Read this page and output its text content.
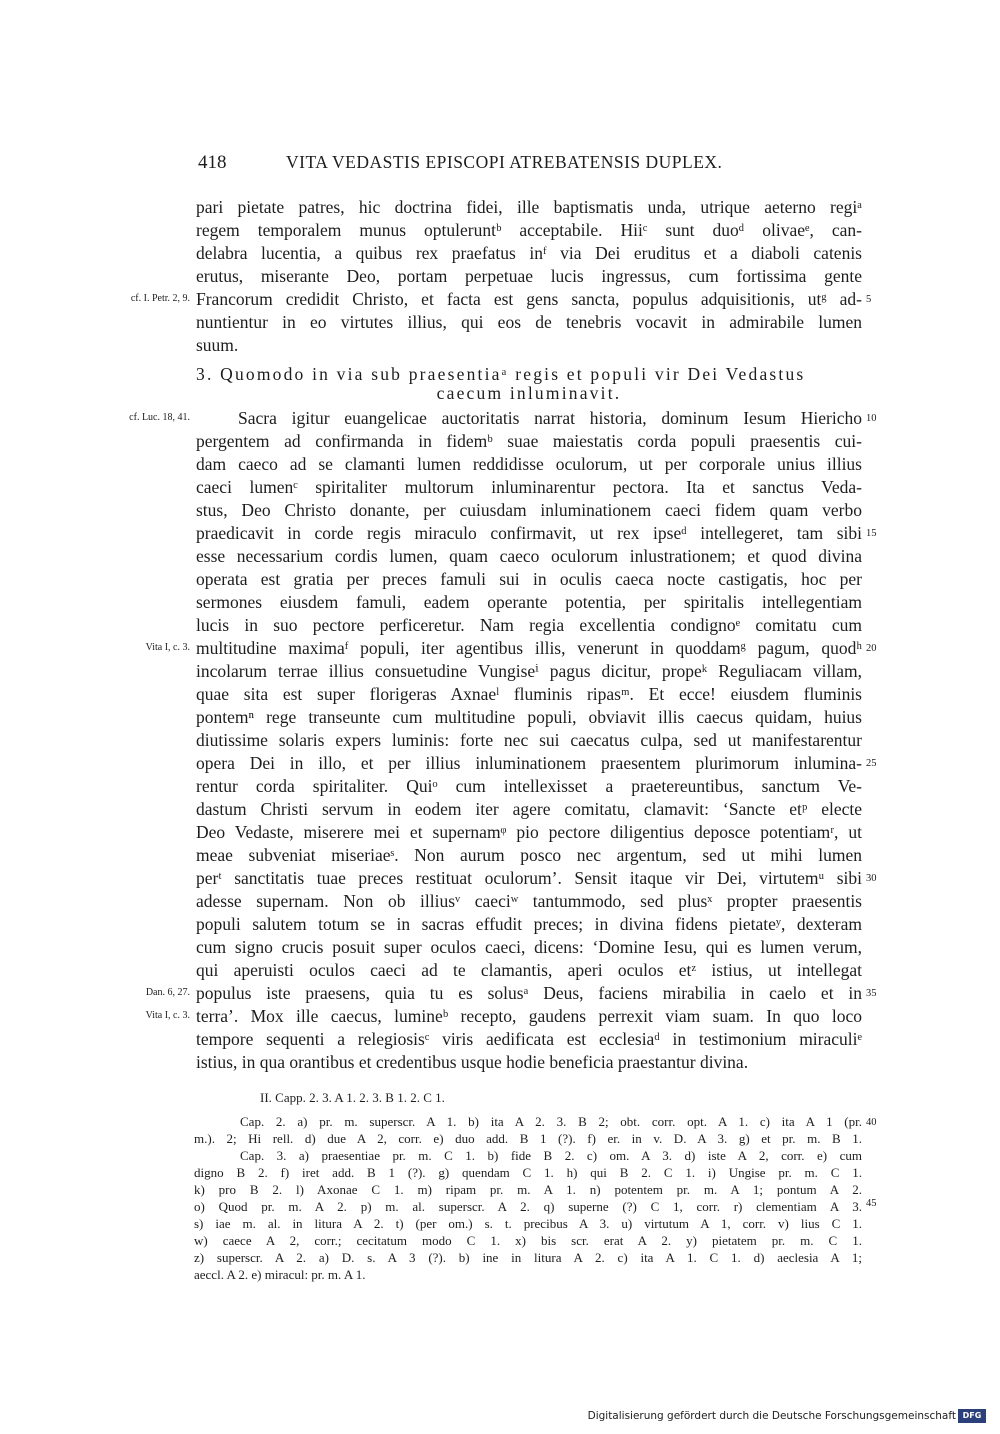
418	VITA VEDASTIS EPISCOPI ATREBATENSIS DUPLEX.
pari pietate patres, hic doctrina fidei, ille baptismatis unda, utrique aeterno regiᵃ
regem temporalem munus optuleruntᵇ acceptabile. Hiiᶜ sunt duoᵈ olivaeᵉ, can-
delabra lucentia, a quibus rex praefatus inᶠ via Dei eruditus et a diaboli catenis
erutus, miserante Deo, portam perpetuae lucis ingressus, cum fortissima gente
Francorum credidit Christo, et facta est gens sancta, populus adquisitionis, utᵍ ad-
nuntientur in eo virtutes illius, qui eos de tenebris vocavit in admirabile lumen
suum.
3. Quomodo in via sub praesentiaᵃ regis et populi vir Dei Vedastus
caecum inluminavit.
Sacra igitur euangelicae auctoritatis narrat historia, dominum Iesum Hiericho
pergentem ad confirmanda in fidemᵇ suae maiestatis corda populi praesentis cui-
dam caeco ad se clamanti lumen reddidisse oculorum, ut per corporale unius illius
caeci lumenᶜ spiritaliter multorum inluminarentur pectora. Ita et sanctus Veda-
stus, Deo Christo donante, per cuiusdam inluminationem caeci fidem quam verbo
praedicavit in corde regis miraculo confirmavit, ut rex ipseᵈ intellegeret, tam sibi
esse necessarium cordis lumen, quam caeco oculorum inlustrationem; et quod divina
operata est gratia per preces famuli sui in oculis caeca nocte castigatis, hoc per
sermones eiusdem famuli, eadem operante potentia, per spiritalis intellegentiam
lucis in suo pectore perficeretur. Nam regia excellentia condignoᵉ comitatu cum
multitudine maximaᶠ populi, iter agentibus illis, venerunt in quoddamᵍ pagum, quodʰ
incolarum terrae illius consuetudine Vungiseⁱ pagus dicitur, propeᵏ Reguliacam villam,
quae sita est super florigeras Axnaeˡ fluminis ripasᵐ. Et ecce! eiusdem fluminis
pontemⁿ rege transeunte cum multitudine populi, obviavit illis caecus quidam, huius
diutissime solaris expers luminis: forte nec sui caecatus culpa, sed ut manifestarentur
opera Dei in illo, et per illius inluminationem praesentem plurimorum inlumina-
rentur corda spiritaliter. Quiᵒ cum intellexisset a praetereuntibus, sanctum Ve-
dastum Christi servum in eodem iter agere comitatu, clamavit: ‘Sancte etᵖ electe
Deo Vedaste, miserere mei et supernamᵠ pio pectore diligentius deposce potentiamʳ, ut
meae subveniat miseriaeˢ. Non aurum posco nec argentum, sed ut mihi lumen
perᵗ sanctitatis tuae preces restituat oculorum’. Sensit itaque vir Dei, virtutemᵘ sibi
adesse supernam. Non ob illiusᵛ caeciʷ tantummodo, sed plusˣ propter praesentis
populi salutem totum se in sacras effudit preces; in divina fidens pietateʸ, dexteram
cum signo crucis posuit super oculos caeci, dicens: ‘Domine Iesu, qui es lumen verum,
qui aperuisti oculos caeci ad te clamantis, aperi oculos etᶻ istius, ut intellegat
populus iste praesens, quia tu es solusᵃ Deus, faciens mirabilia in caelo et in
terra’. Mox ille caecus, lumineᵇ recepto, gaudens perrexit viam suam. In quo loco
tempore sequenti a relegiosisᶜ viris aedificata est ecclesiaᵈ in testimonium miraculiᵉ
istius, in qua orantibus et credentibus usque hodie beneficia praestantur divina.
5
10
15
20
25
30
35
40
45
cf. I. Petr. 2, 9.
cf. Luc. 18, 41.
Vita I, c. 3.
Dan. 6, 27.
Vita I, c. 3.
II. Capp. 2. 3. A 1. 2. 3. B 1. 2. C 1.
Cap. 2. a) pr. m. superscr. A 1. b) ita A 2. 3. B 2; obt. corr. opt. A 1. c) ita A 1 (pr.
m.). 2; Hi rell. d) due A 2, corr. e) duo add. B 1 (?). f) er. in v. D. A 3. g) et pr. m. B 1.
Cap. 3. a) praesentiae pr. m. C 1. b) fide B 2. c) om. A 3. d) iste A 2, corr. e) cum
digno B 2. f) iret add. B 1 (?). g) quendam C 1. h) qui B 2. C 1. i) Ungise pr. m. C 1.
k) pro B 2. l) Axonae C 1. m) ripam pr. m. A 1. n) potentem pr. m. A 1; pontum A 2.
o) Quod pr. m. A 2. p) m. al. superscr. A 2. q) superne (?) C 1, corr. r) clementiam A 3.
s) iae m. al. in litura A 2. t) (per om.) s. t. precibus A 3. u) virtutum A 1, corr. v) lius C 1.
w) caece A 2, corr.; cecitatum modo C 1. x) bis scr. erat A 2. y) pietatem pr. m. C 1.
z) superscr. A 2. a) D. s. A 3 (?). b) ine in litura A 2. c) ita A 1. C 1. d) aeclesia A 1;
aeccl. A 2. e) miracul: pr. m. A 1.
Digitalisierung gefördert durch die Deutsche Forschungsgemeinschaft DFG
